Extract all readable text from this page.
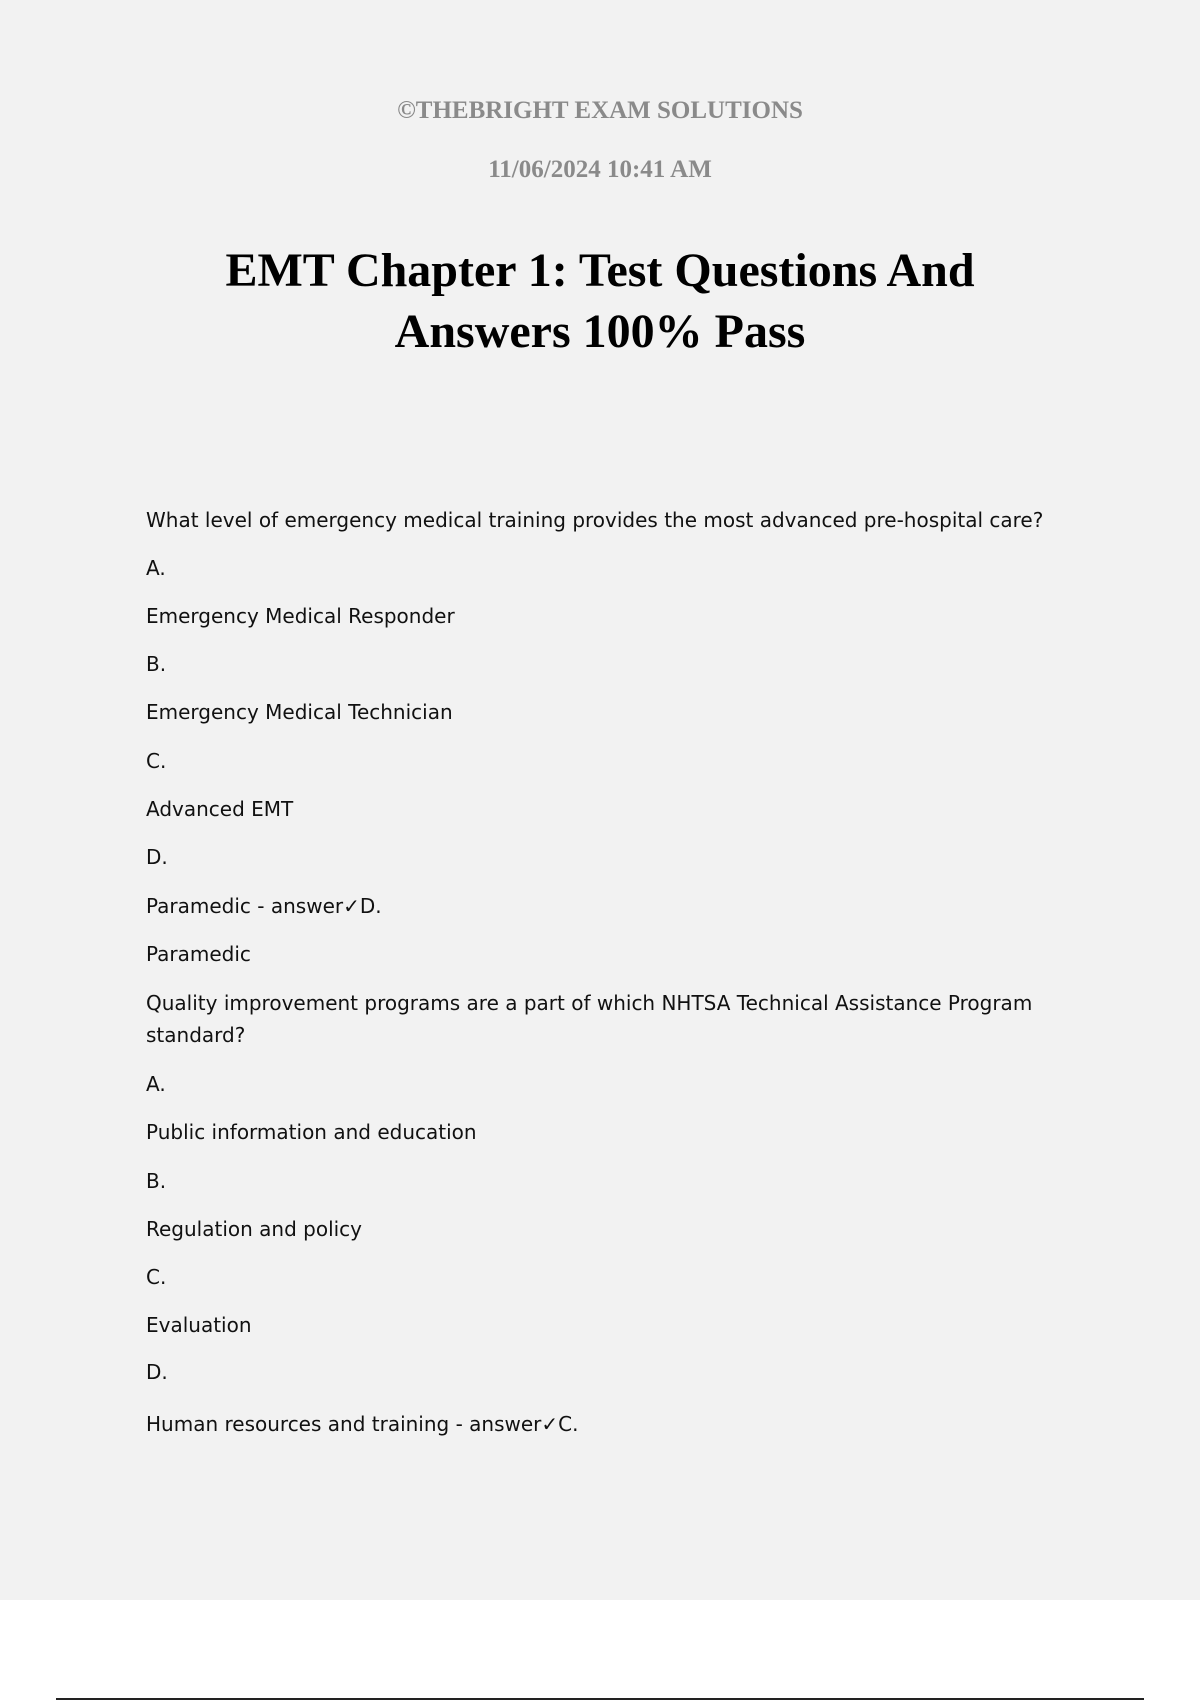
©THEBRIGHT EXAM SOLUTIONS

11/06/2024 10:41 AM

EMT Chapter 1: Test Questions And
Answers 100% Pass
What level of emergency medical training provides the most advanced pre-hospital care?
A.
Emergency Medical Responder
B.
Emergency Medical Technician
C.
Advanced EMT
D.
Paramedic - answer✓D.
Paramedic
Quality improvement programs are a part of which NHTSA Technical Assistance Program standard?
A.
Public information and education
B.
Regulation and policy
C.
Evaluation
D.
Human resources and training - answer✓C.
